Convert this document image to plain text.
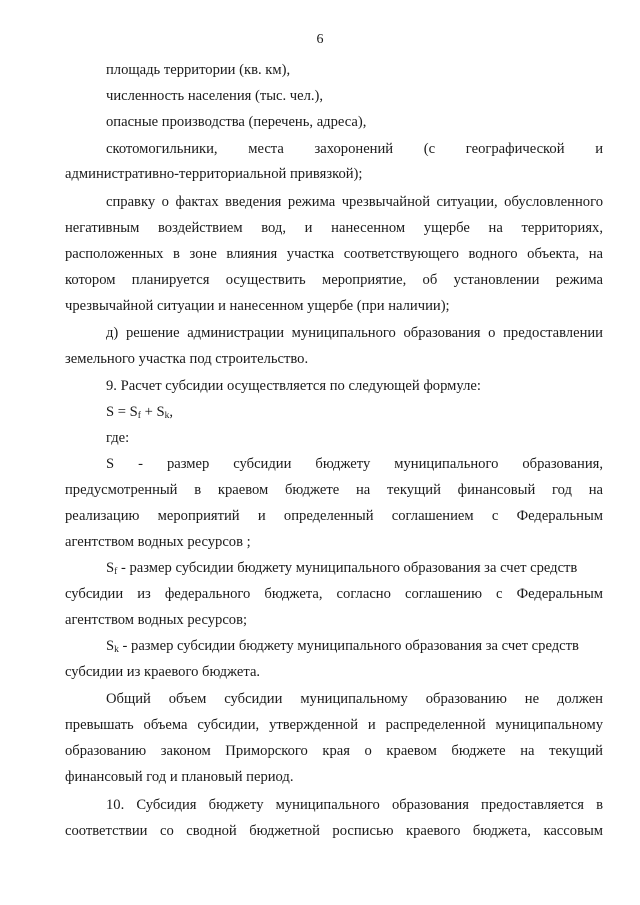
6
площадь территории (кв. км),
численность населения (тыс. чел.),
опасные производства (перечень, адреса),
скотомогильники, места захоронений (с географической и
административно-территориальной привязкой);
справку о фактах введения режима чрезвычайной ситуации, обусловленного
негативным воздействием вод, и нанесенном ущербе на территориях,
расположенных в зоне влияния участка соответствующего водного объекта, на
котором планируется осуществить мероприятие, об установлении режима
чрезвычайной ситуации и нанесенном ущербе (при наличии);
д) решение администрации муниципального образования о предоставлении
земельного участка под строительство.
9. Расчет субсидии осуществляется по следующей формуле:
$S = S_f + S_k$,
где:
S - размер субсидии бюджету муниципального образования,
предусмотренный в краевом бюджете на текущий финансовый год на
реализацию мероприятий и определенный соглашением с Федеральным
агентством водных ресурсов ;
$S_f$ - размер субсидии бюджету муниципального образования за счет средств
субсидии из федерального бюджета, согласно соглашению с Федеральным
агентством водных ресурсов;
$S_k$ - размер субсидии бюджету муниципального образования за счет средств
субсидии из краевого бюджета.
Общий объем субсидии муниципальному образованию не должен
превышать объема субсидии, утвержденной и распределенной муниципальному
образованию законом Приморского края о краевом бюджете на текущий
финансовый год и плановый период.
10. Субсидия бюджету муниципального образования предоставляется в
соответствии со сводной бюджетной росписью краевого бюджета, кассовым
